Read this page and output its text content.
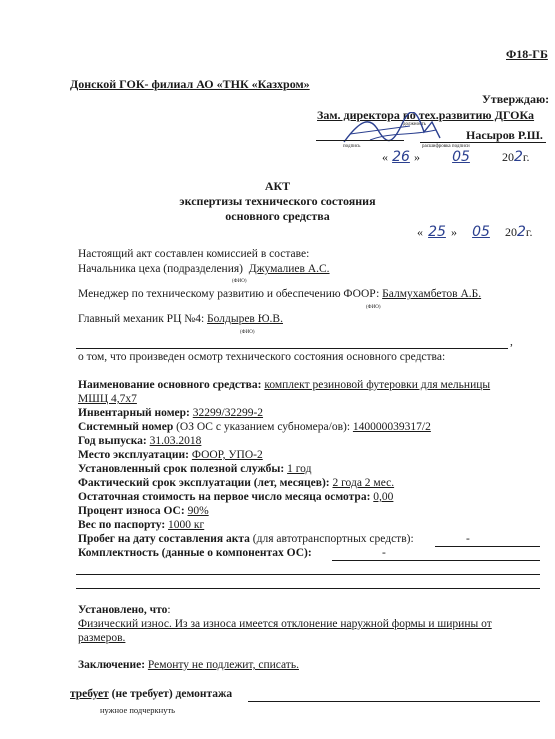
Ф18-ГБ
Донской ГОК- филиал АО «ТНК «Казхром»
Утверждаю:
Зам. директора по тех.развитию ДГОКа
должность
Насыров Р.Ш.
подпись	расшифровка подписи
« 26 » 05	202г.
АКТ
экспертизы технического состояния
основного средства
« 25 » 05 202г.
Настоящий акт составлен комиссией в составе:
Начальника цеха (подразделения) Джумалиев А.С.
(ФИО)
Менеджер по техническому развитию и обеспечению ФООР: Балмухамбетов А.Б.
(ФИО)
Главный механик РЦ №4: Болдырев Ю.В.
(ФИО)
,
о том, что произведен осмотр технического состояния основного средства:
Наименование основного средства: комплект резиновой футеровки для мельницы
МШЦ 4,7х7
Инвентарный номер: 32299/32299-2
Системный номер (ОЗ ОС с указанием субномера/ов): 140000039317/2
Год выпуска: 31.03.2018
Место эксплуатации: ФООР, УПО-2
Установленный срок полезной службы: 1 год
Фактический срок эксплуатации (лет, месяцев): 2 года 2 мес.
Остаточная стоимость на первое число месяца осмотра: 0,00
Процент износа ОС: 90%
Вес по паспорту: 1000 кг
Пробег на дату составления акта (для автотранспортных средств):	-
Комплектность (данные о компонентах ОС):	-
Установлено, что:
Физический износ. Из за износа имеется отклонение наружной формы и ширины от
размеров.
Заключение: Ремонту не подлежит, списать.
требует (не требует) демонтажа
нужное подчеркнуть
